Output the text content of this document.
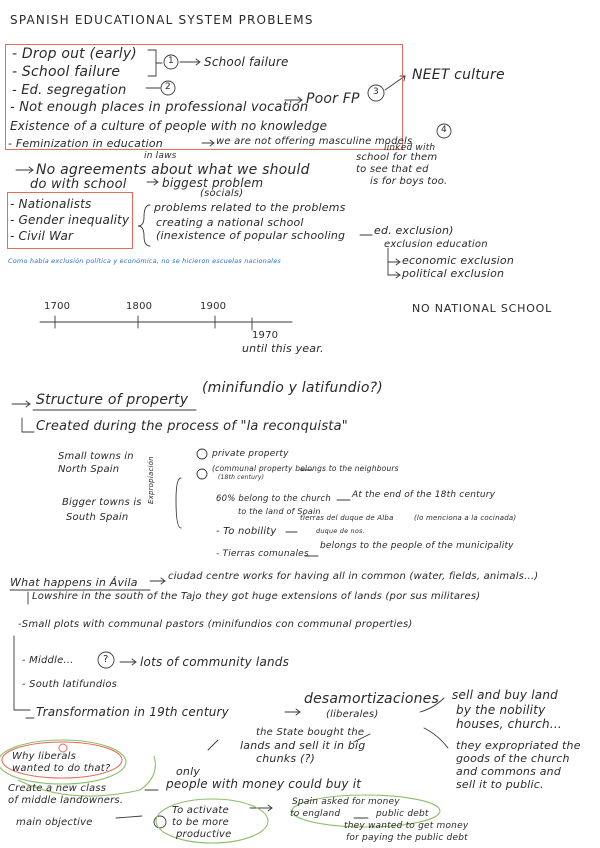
SPANISH EDUCATIONAL SYSTEM PROBLEMS
- Drop out (early)
- School failure
1	School failure
- Ed. segregation	2
NEET culture
- Not enough places in professional vocation
Poor FP 3
Existence of a culture of people with no knowledge
- Feminization in education	we are not offering masculine models
4
linked with
school for them
to see that ed
is for boys too.
in laws
No agreements about what we should
do with school	biggest problem
(socials)
- Nationalists
- Gender inequality
- Civil War
problems related to the problems
creating a national school
(inexistence of popular schooling	ed. exclusion)
exclusion education
economic exclusion
political exclusion
Como había exclusión política y económica, no se hicieron escuelas nacionales
1700	1800	1900
1970
until this year.
NO NATIONAL SCHOOL
Structure of property
(minifundio y latifundio?)
Created during the process of "la reconquista"
Small towns in
North Spain
Bigger towns is
South Spain
Expropiación
private property
(communal property belongs to the neighbours
(18th century)
60% belong to the church At the end of the 18th century
to the land of Spain
- To nobility
tierras del duque de Alba	(lo menciona a la cocinada)
duque de nos.
- Tierras comunales
belongs to the people of the municipality
What happens in Ávila	ciudad centre works for having all in common (water, fields, animals...)
Lowshire in the south of the Tajo they got huge extensions of lands (por sus militares)
-Small plots with communal pastors (minifundios con communal properties)
- Middle...	?	lots of community lands
- South latifundios
Transformation in 19th century
desamortizaciones
(liberales)
sell and buy land
by the nobility
houses, church...
the State bought the
lands and sell it in big
chunks (?)
they expropriated the
goods of the church
and commons and
sell it to public.
Why liberals
wanted to do that?	only
people with money could buy it
Create a new class
of middle landowners.
main objective
To activate
to be more
productive
Spain asked for money
to england	public debt
they wanted to get money
for paying the public debt
